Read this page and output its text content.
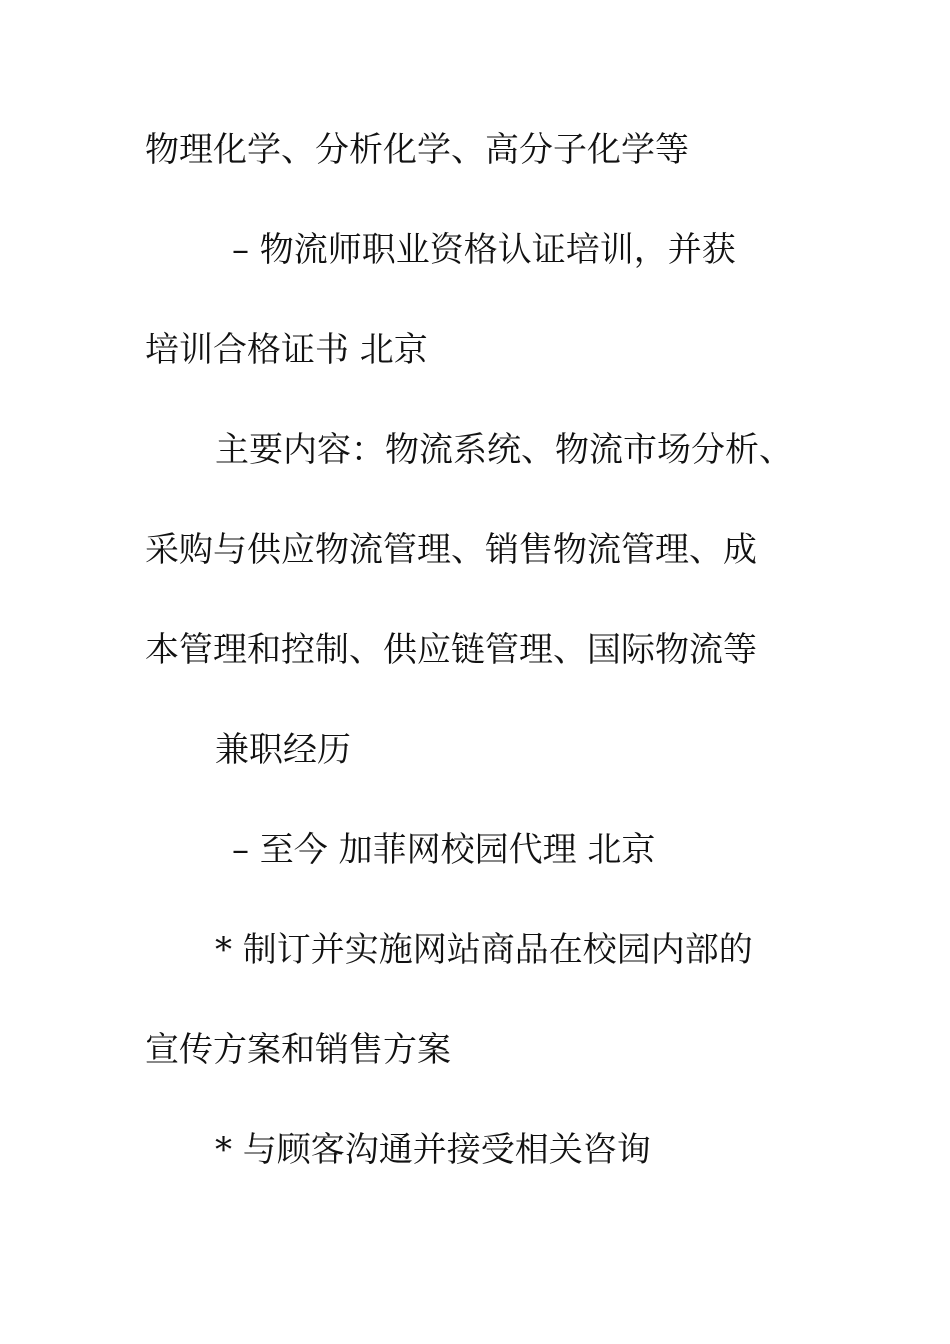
物理化学、分析化学、高分子化学等
– 物流师职业资格认证培训，并获
培训合格证书 北京
主要内容：物流系统、物流市场分析、
采购与供应物流管理、销售物流管理、成
本管理和控制、供应链管理、国际物流等
兼职经历
– 至今 加菲网校园代理 北京
* 制订并实施网站商品在校园内部的
宣传方案和销售方案
* 与顾客沟通并接受相关咨询
